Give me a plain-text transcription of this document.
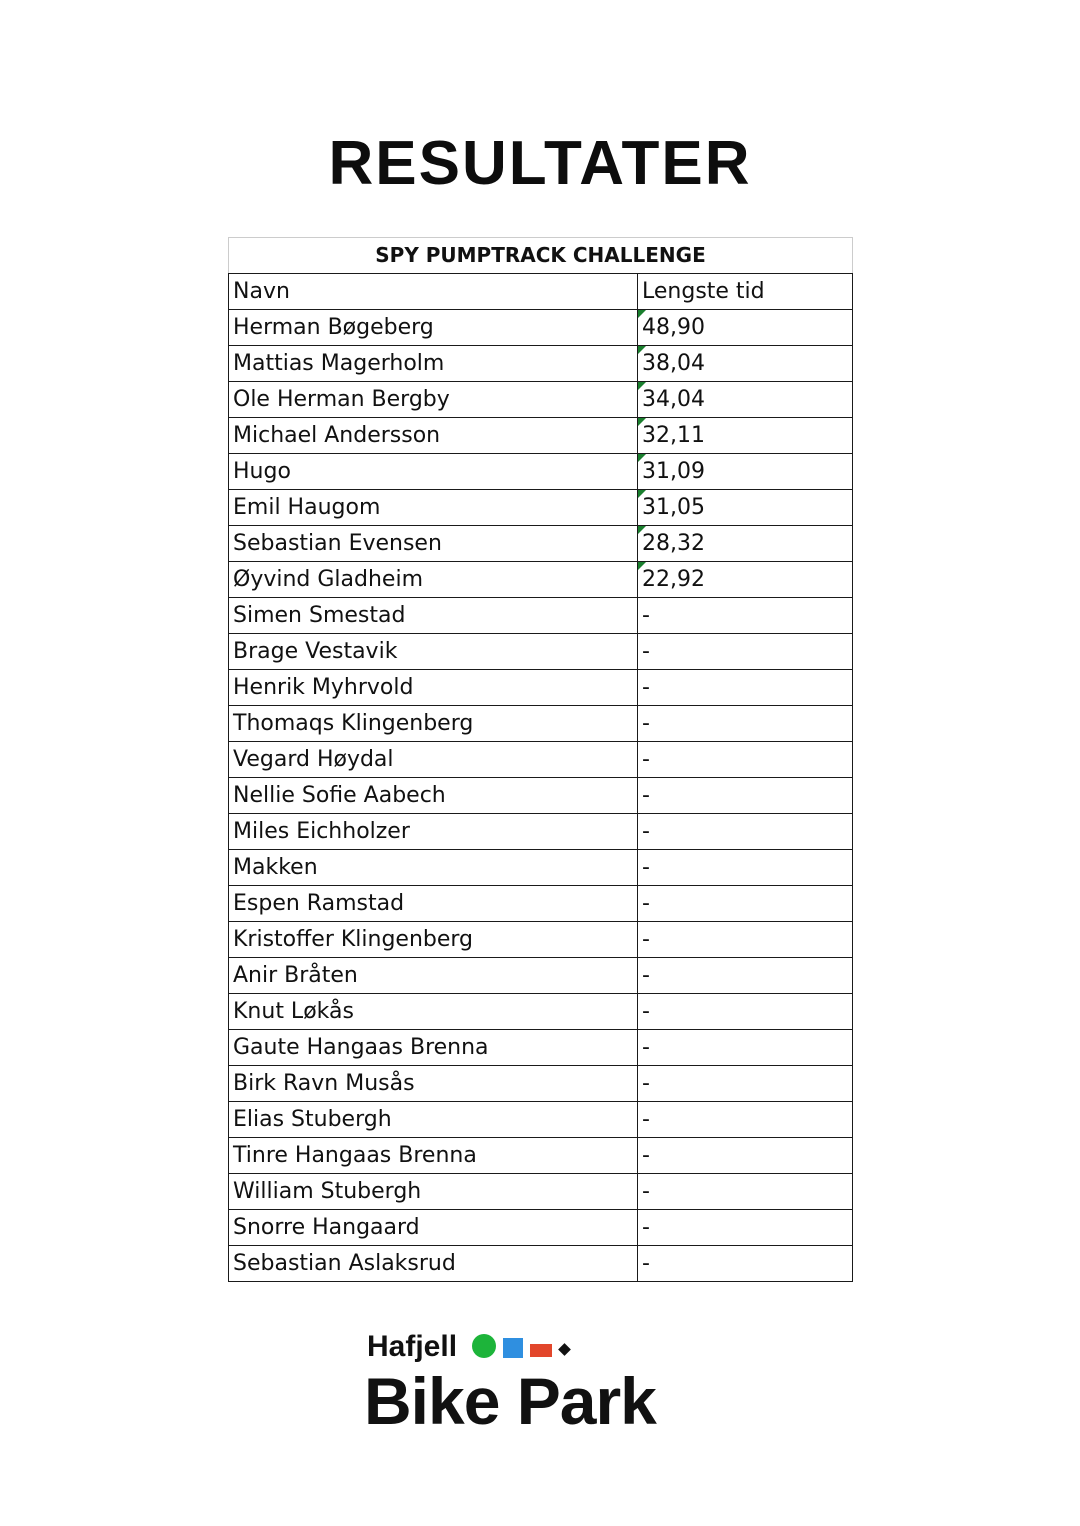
RESULTATER
SPY PUMPTRACK CHALLENGE	
Navn	Lengste tid
Herman Bøgeberg	48,90
Mattias Magerholm	38,04
Ole Herman Bergby	34,04
Michael Andersson	32,11
Hugo	31,09
Emil Haugom	31,05
Sebastian Evensen	28,32
Øyvind Gladheim	22,92
Simen Smestad	-
Brage Vestavik	-
Henrik Myhrvold	-
Thomaqs Klingenberg	-
Vegard Høydal	-
Nellie Sofie Aabech	-
Miles Eichholzer	-
Makken	-
Espen Ramstad	-
Kristoffer Klingenberg	-
Anir Bråten	-
Knut Løkås	-
Gaute Hangaas Brenna	-
Birk Ravn Musås	-
Elias Stubergh	-
Tinre Hangaas Brenna	-
William Stubergh	-
Snorre Hangaard	-
Sebastian Aslaksrud	-
Hafjell
Bike Park
